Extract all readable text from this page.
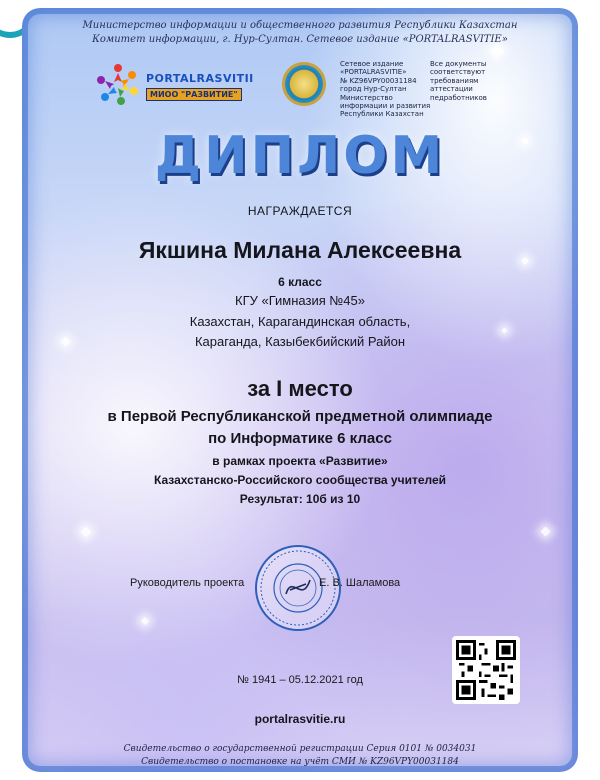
Министерство информации и общественного развития Республики Казахстан
Комитет информации, г. Нур-Султан. Сетевое издание «PORTALRASVITIE»
PORTALRASVITII
МИОО "РАЗВИТИЕ"
Сетевое издание
«PORTALRASVITIE»
№ KZ96VPY00031184
город Нур-Султан
Министерство
информации и развития
Республики Казахстан
Все документы
соответствуют
требованиям
аттестации
педработников
ДИПЛОМ
НАГРАЖДАЕТСЯ
Якшина Милана Алексеевна
6 класс
КГУ «Гимназия №45»
Казахстан, Карагандинская область,
Караганда, Казыбекбийский Район
за I место
в Первой Республиканской предметной олимпиаде
по Информатике 6 класс
в рамках проекта «Развитие»
Казахстанско-Российского сообщества учителей
Результат: 10б из 10
Руководитель проекта	Е. В. Шаламова
№ 1941 – 05.12.2021 год
portalrasvitie.ru
Свидетельство о государственной регистрации Серия 0101 № 0034031
Свидетельство о постановке на учёт СМИ № KZ96VPY00031184
